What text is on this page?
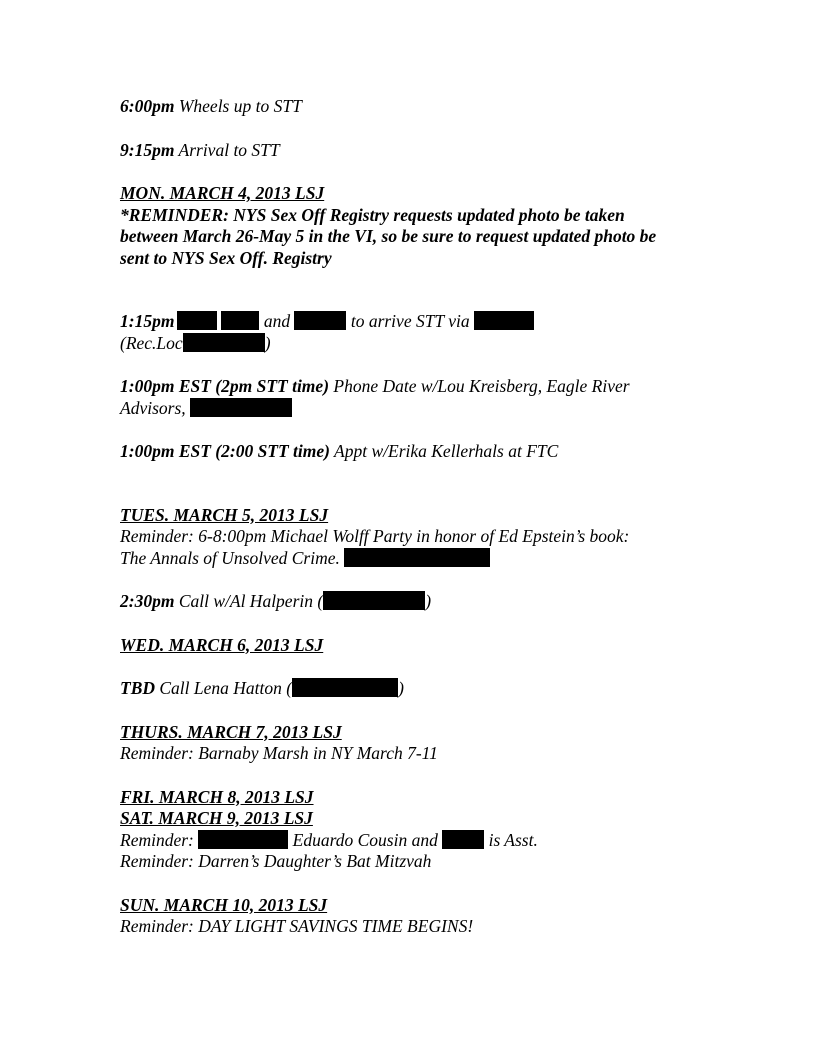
6:00pm Wheels up to STT
9:15pm Arrival to STT
MON. MARCH 4, 2013 LSJ
*REMINDER: NYS Sex Off Registry requests updated photo be taken
between March 26-May 5 in the VI, so be sure to request updated photo be
sent to NYS Sex Off. Registry
1:15pm	and	to arrive STT via
(Rec.Loc	)
1:00pm EST (2pm STT time) Phone Date w/Lou Kreisberg, Eagle River
Advisors,
1:00pm EST (2:00 STT time) Appt w/Erika Kellerhals at FTC
TUES. MARCH 5, 2013 LSJ
Reminder: 6-8:00pm Michael Wolff Party in honor of Ed Epstein’s book:
The Annals of Unsolved Crime.
2:30pm Call w/Al Halperin (	)
WED. MARCH 6, 2013 LSJ
TBD Call Lena Hatton (	)
THURS. MARCH 7, 2013 LSJ
Reminder: Barnaby Marsh in NY March 7-11
FRI. MARCH 8, 2013 LSJ
SAT. MARCH 9, 2013 LSJ
Reminder:	Eduardo Cousin and  is Asst.
Reminder: Darren’s Daughter’s Bat Mitzvah
SUN. MARCH 10, 2013 LSJ
Reminder: DAY LIGHT SAVINGS TIME BEGINS!
